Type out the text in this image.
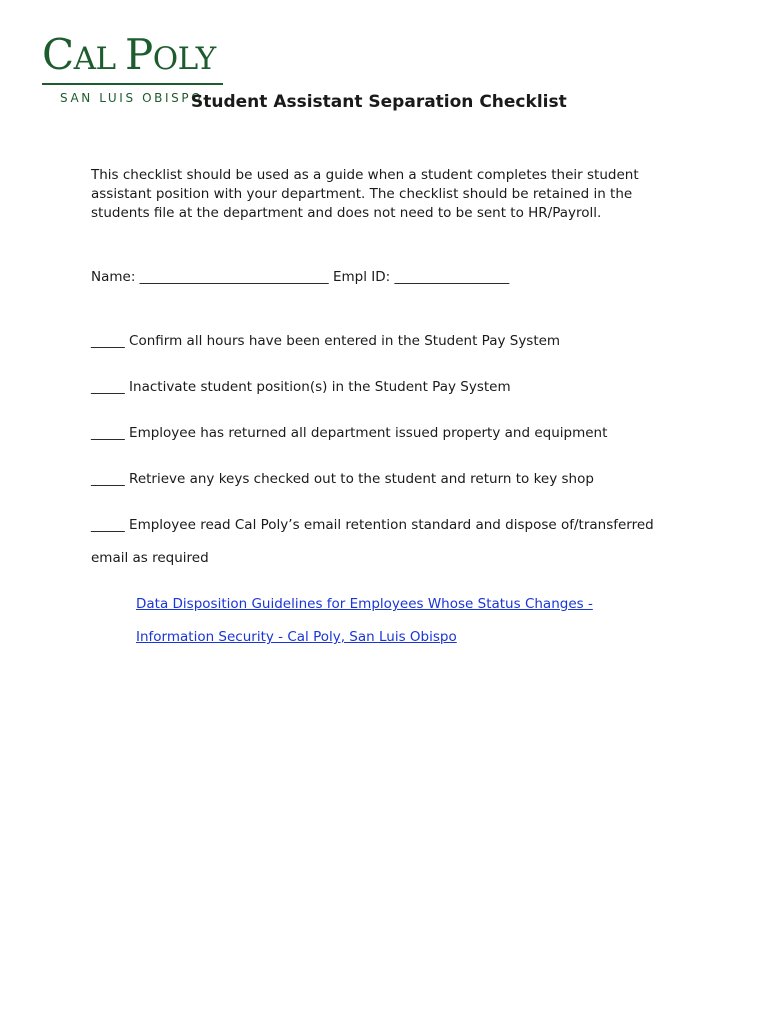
CAL POLY
SAN LUIS OBISPO
Student Assistant Separation Checklist

This checklist should be used as a guide when a student completes their student

assistant position with your department. The checklist should be retained in the

students file at the department and does not need to be sent to HR/Payroll.

Name: ____________________________ Empl ID: _________________
_____ Confirm all hours have been entered in the Student Pay System
_____ Inactivate student position(s) in the Student Pay System
_____ Employee has returned all department issued property and equipment
_____ Retrieve any keys checked out to the student and return to key shop
_____ Employee read Cal Poly’s email retention standard and dispose of/transferred
email as required
Data Disposition Guidelines for Employees Whose Status Changes -
Information Security - Cal Poly, San Luis Obispo
